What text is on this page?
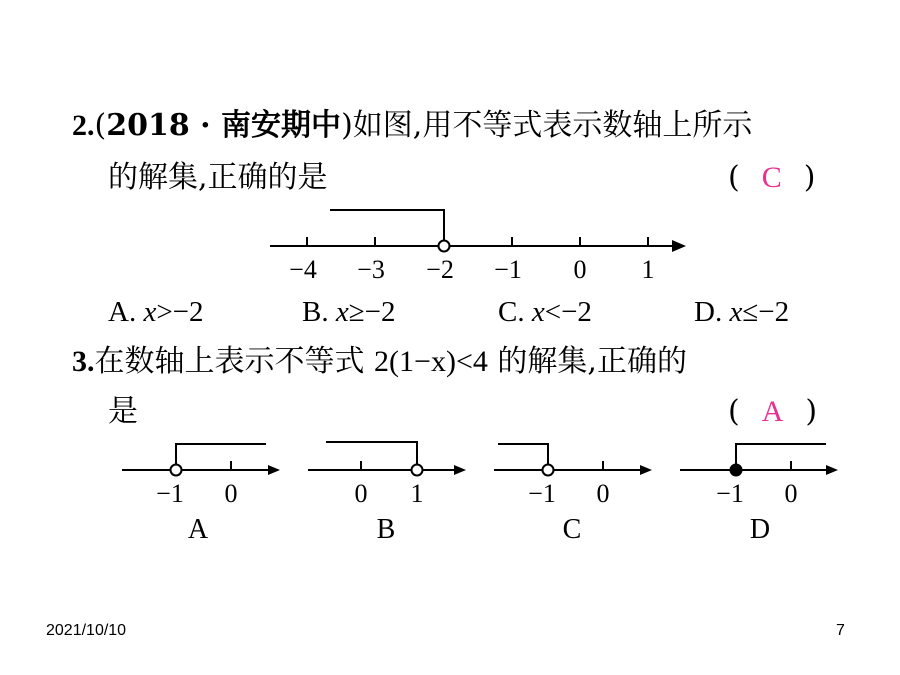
2.(2018 · 南安期中)如图,用不等式表示数轴上所示
的解集,正确的是	( C )
−4 −3 −2 −1 0 1
A. x>−2	B. x≥−2	C. x<−2	D. x≤−2
3.在数轴上表示不等式 2(1−x)<4 的解集,正确的
是	( A )
−1 0
A
0 1
B
−1 0
C
−1 0
D
2021/10/10	7
